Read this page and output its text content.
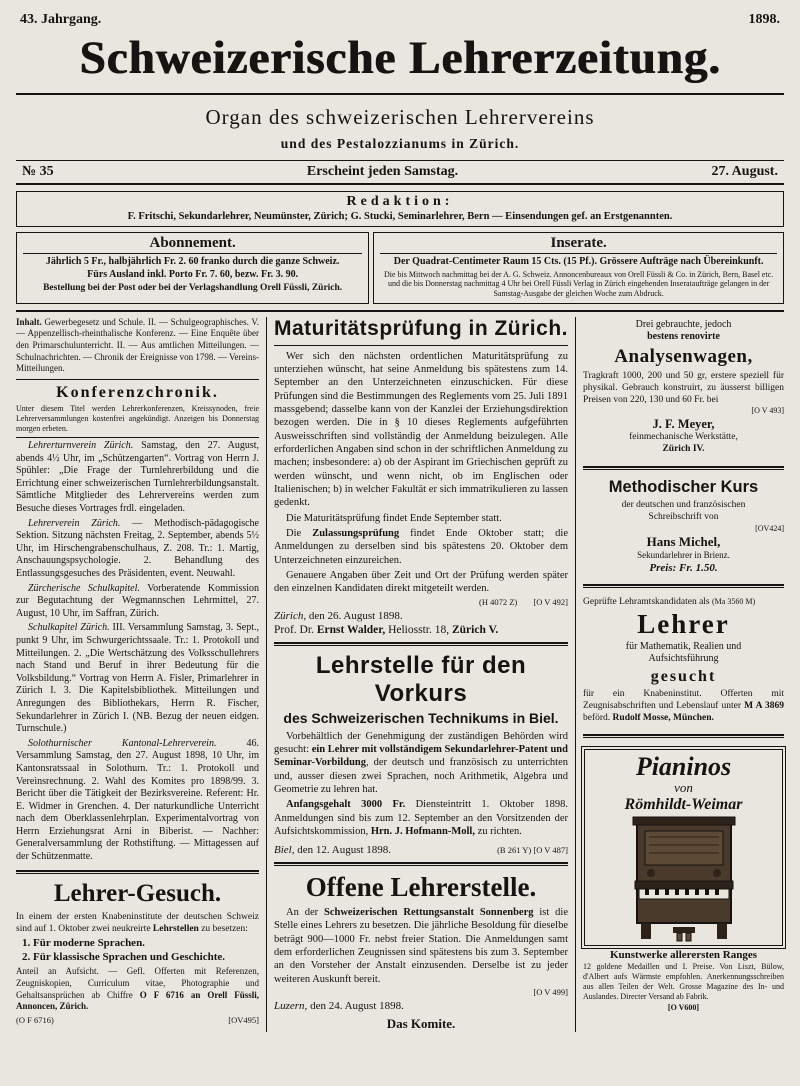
43. Jahrgang.	1898.
Schweizerische Lehrerzeitung.
Organ des schweizerischen Lehrervereins
und des Pestalozzianums in Zürich.
№ 35	Erscheint jeden Samstag.	27. August.
Redaktion:
F. Fritschi, Sekundarlehrer, Neumünster, Zürich; G. Stucki, Seminarlehrer, Bern — Einsendungen gef. an Erstgenannten.
Abonnement.
Jährlich 5 Fr., halbjährlich Fr. 2. 60 franko durch die ganze Schweiz.
Fürs Ausland inkl. Porto Fr. 7. 60, bezw. Fr. 3. 90.
Bestellung bei der Post oder bei der Verlagshandlung Orell Füssli, Zürich.
Inserate.
Der Quadrat-Centimeter Raum 15 Cts. (15 Pf.). Grössere Aufträge nach Übereinkunft.
Die bis Mittwoch nachmittag bei der A. G. Schweiz. Annoncenbureaux von Orell Füssli & Co. in Zürich, Bern, Basel etc. und die bis Donnerstag nachmittag 4 Uhr bei Orell Füssli Verlag in Zürich eingehenden Inserataufträge gelangen in der Samstag-Ausgabe der gleichen Woche zum Abdruck.

Inhalt. Gewerbegesetz und Schule. II. — Schulgeographisches. V. — Appenzellisch-rheinthalische Konferenz. — Eine Enquête über den Primarschulunterricht. II. — Aus amtlichen Mitteilungen. — Schulnachrichten. — Chronik der Ereignisse von 1798. — Vereins-Mitteilungen.

Konferenzchronik.

Unter diesem Titel werden Lehrerkonferenzen, Kreissynoden, freie Lehrerversammlungen kostenfrei angekündigt. Anzeigen bis Donnerstag morgen erbeten.

Lehrerturnverein Zürich. Samstag, den 27. August, abends 4½ Uhr, im „Schützengarten“. Vortrag von Herrn J. Spühler: „Die Frage der Turnlehrerbildung und die Errichtung einer schweizerischen Turnlehrerbildungsanstalt. Sämtliche Mitglieder des Lehrervereins werden zum Besuche dieses Vortrages frdl. eingeladen.

Lehrerverein Zürich. — Methodisch-pädagogische Sektion. Sitzung nächsten Freitag, 2. September, abends 5½ Uhr, im Hirschengrabenschulhaus, Z. 208. Tr.: 1. Martig, Anschauungspsychologie. 2. Behandlung des Entlassungsgesuches des Präsidenten, event. Neuwahl.

Zürcherische Schulkapitel. Vorberatende Kommission zur Begutachtung der Wegmannschen Lehrmittel, 27. August, 10 Uhr, im Saffran, Zürich.

Schulkapitel Zürich. III. Versammlung Samstag, 3. Sept., punkt 9 Uhr, im Schwurgerichtssaale. Tr.: 1. Protokoll und Mitteilungen. 2. „Die Wertschätzung des Volksschullehrers nach Stand und Beruf in ihrer Bedeutung für die Volksbildung.“ Vortrag von Herrn A. Fisler, Primarlehrer in Zürich I. 3. Die Kapitelsbibliothek. Mitteilungen und Anregungen des Bibliothekars, Herrn R. Fischer, Sekundarlehrer in Zürich I. (NB. Bezug der neuen eidgen. Turnschule.)

Solothurnischer Kantonal-Lehrerverein. 46. Versammlung Samstag, den 27. August 1898, 10 Uhr, im Kantonsratssaal in Solothurn. Tr.: 1. Protokoll und Vereinsrechnung. 2. Wahl des Komites pro 1898/99. 3. Bericht über die Tätigkeit der Bezirksvereine. Referent: Hr. E. Widmer in Grenchen. 4. Der naturkundliche Unterricht nach dem Oberklassenlehrplan. Experimentalvortrag von Herrn Erziehungsrat Arni in Biberist. — Nachher: Generalversammlung der Rothstiftung. — Mittagessen auf der Schützenmatte.

Lehrer-Gesuch.

In einem der ersten Knabeninstitute der deutschen Schweiz sind auf 1. Oktober zwei neukreirte Lehrstellen zu besetzen:

1. Für moderne Sprachen.
2. Für klassische Sprachen und Geschichte.

Anteil an Aufsicht. — Gefl. Offerten mit Referenzen, Zeugniskopien, Curriculum vitae, Photographie und Gehaltsansprüchen ab Chiffre O F 6716 an Orell Füssli, Annoncen, Zürich.

(O F 6716)	[OV495]
Maturitätsprüfung in Zürich.

Wer sich den nächsten ordentlichen Maturitätsprüfung zu unterziehen wünscht, hat seine Anmeldung bis spätestens zum 14. September an den Unterzeichneten einzuschicken. Für diese Prüfungen sind die Bestimmungen des Reglements vom 25. Juli 1891 massgebend; dasselbe kann von der Kanzlei der Erziehungsdirektion bezogen werden. Die in § 10 dieses Reglements aufgeführten Ausweisschriften sind vollständig der Anmeldung beizulegen. Alle erforderlichen Angaben sind schon in der schriftlichen Anmeldung zu machen; insbesondere: a) ob der Aspirant im Griechischen geprüft zu werden wünscht, und wenn nicht, ob im Englischen oder Italienischen; b) in welcher Fakultät er sich immatrikulieren zu lassen gedenkt.

Die Maturitätsprüfung findet Ende September statt.

Die Zulassungsprüfung findet Ende Oktober statt; die Anmeldungen zu derselben sind bis spätestens 20. Oktober dem Unterzeichneten einzureichen.

Genauere Angaben über Zeit und Ort der Prüfung werden später den einzelnen Kandidaten direkt mitgeteilt werden.

(H 4072 Z) [O V 492]
Zürich, den 26. August 1898.
Prof. Dr. Ernst Walder, Heliosstr. 18, Zürich V.
Lehrstelle für den Vorkurs
des Schweizerischen Technikums in Biel.

Vorbehältlich der Genehmigung der zuständigen Behörden wird gesucht: ein Lehrer mit vollständigem Sekundarlehrer-Patent und Seminar-Vorbildung, der deutsch und französisch zu unterrichten und, ausser diesen zwei Sprachen, noch Arithmetik, Algebra und Geometrie zu lehren hat.

Anfangsgehalt 3000 Fr. Diensteintritt 1. Oktober 1898. Anmeldungen sind bis zum 12. September an den Vorsitzenden der Aufsichtskommission, Hrn. J. Hofmann-Moll, zu richten.

Biel, den 12. August 1898.	(B 261 Y) [O V 487]
Offene Lehrerstelle.

An der Schweizerischen Rettungsanstalt Sonnenberg ist die Stelle eines Lehrers zu besetzen. Die jährliche Besoldung für dieselbe beträgt 900—1000 Fr. nebst freier Station. Die Anmeldungen samt dem erforderlichen Zeugnissen sind spätestens bis zum 3. September an den Vorsteher der Anstalt einzusenden. Derselbe ist zu jeder weiteren Auskunft bereit.

[O V 499]
Luzern, den 24. August 1898.
Das Komite.
Drei gebrauchte, jedoch
bestens renovirte
Analysenwagen,

Tragkraft 1000, 200 und 50 gr, erstere speziell für physikal. Gebrauch konstruirt, zu äusserst billigen Preisen von 220, 130 und 60 Fr. bei

[O V 493]
J. F. Meyer,
feinmechanische Werkstätte,
Zürich IV.
Methodischer Kurs
der deutschen und französischen
Schreibschrift von
[OV424]
Hans Michel,
Sekundarlehrer in Brienz.
Preis: Fr. 1.50.

Geprüfte Lehramtskandidaten als (Ma 3560 M)

Lehrer
für Mathematik, Realien und
Aufsichtsführung
gesucht

für ein Knabeninstitut. Offerten mit Zeugnisabschriften und Lebenslauf unter M A 3869 beförd. Rudolf Mosse, München.

Pianinos
von
Römhildt-Weimar
Kunstwerke allerersten Ranges

12 goldene Medaillen und I. Preise. Von Liszt, Bülow, d'Albert aufs Wärmste empfohlen. Anerkennungsschreiben aus allen Teilen der Welt. Grosse Magazine des In- und Auslandes. Directer Versand ab Fabrik.

[O V600]
